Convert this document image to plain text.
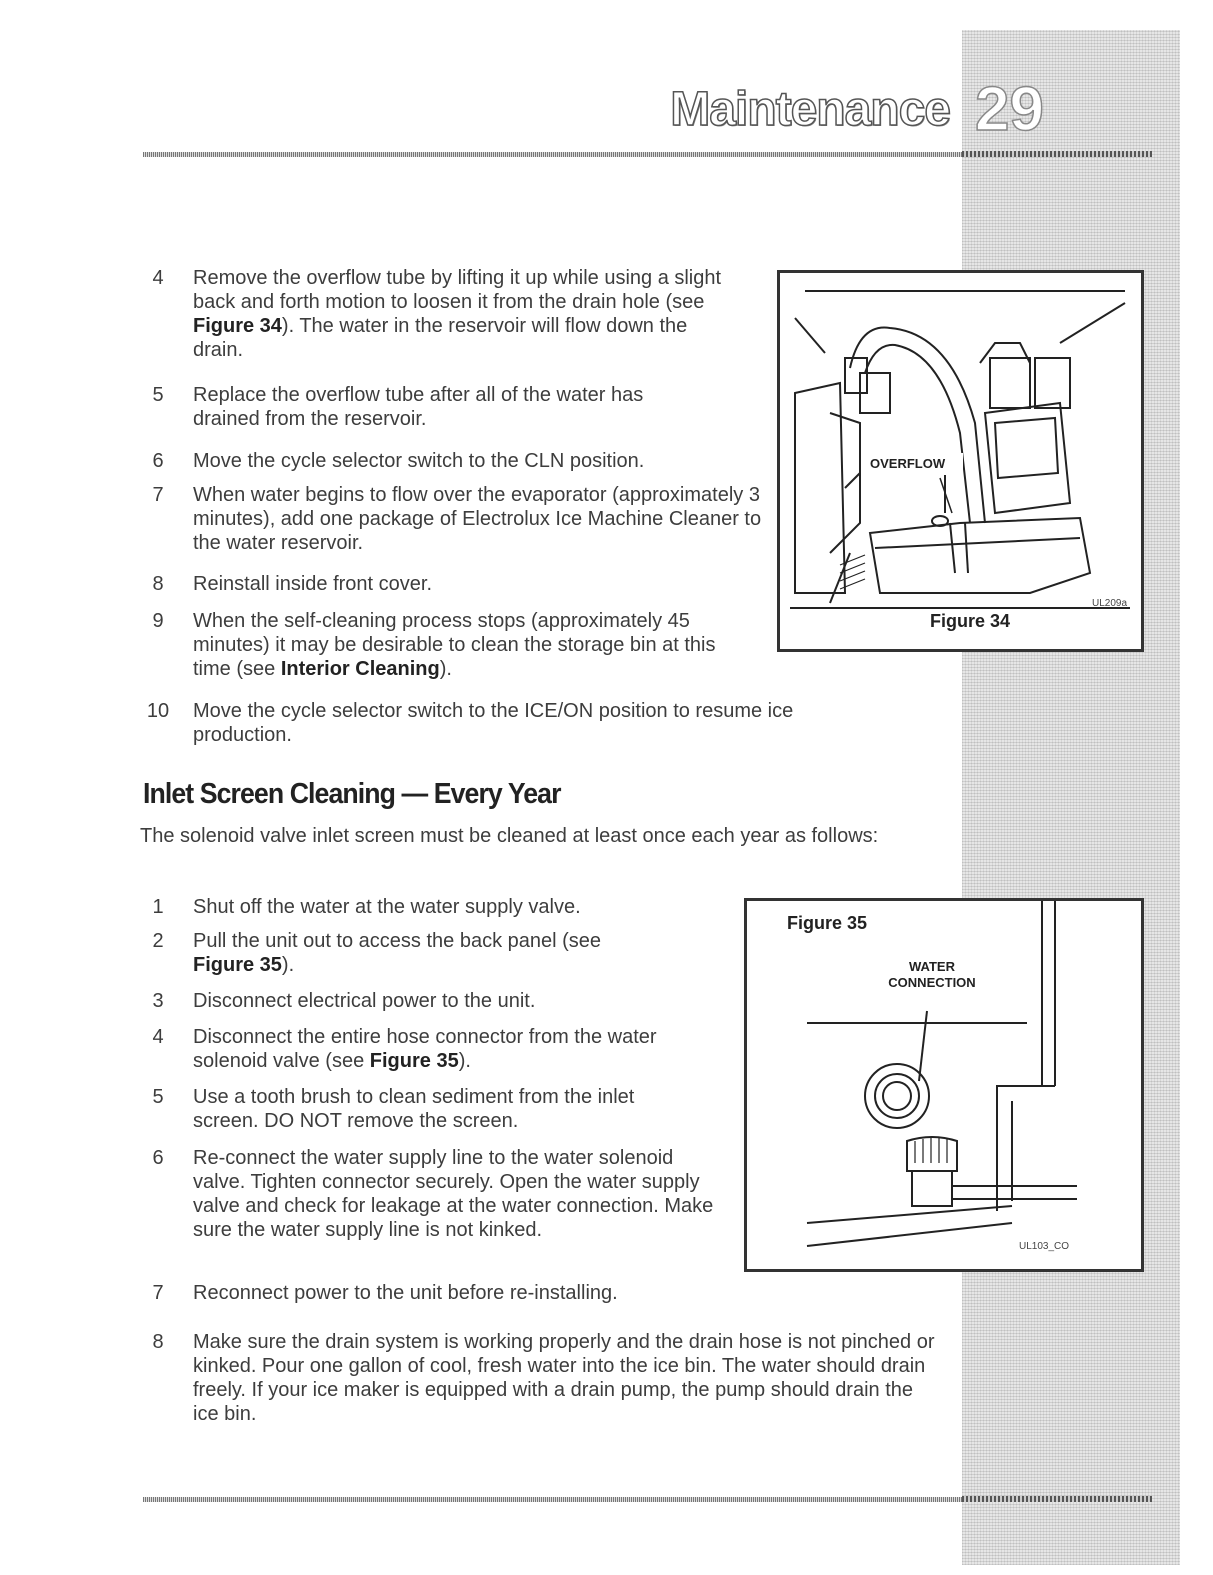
Maintenance 29
4	Remove the overflow tube by lifting it up while using a slight back and forth motion to loosen it from the drain hole (see Figure 34). The water in the reservoir will flow down the drain.
5	Replace the overflow tube after all of the water has drained from the reservoir.
6	Move the cycle selector switch to the CLN position.
7	When water begins to flow over the evaporator (approximately 3 minutes), add one package of Electrolux Ice Machine Cleaner to the water reservoir.
8	Reinstall inside front cover.
9	When the self-cleaning process stops (approximately 45 minutes) it may be desirable to clean the storage bin at this time (see Interior Cleaning).
10 Move the cycle selector switch to the ICE/ON position to resume ice production.
OVERFLOW
Figure 34
UL209a
Inlet Screen Cleaning — Every Year
The solenoid valve inlet screen must be cleaned at least once each year as follows:
1	Shut off the water at the water supply valve.
2	Pull the unit out to access the back panel (see Figure 35).
3	Disconnect electrical power to the unit.
4	Disconnect the entire hose connector from the water solenoid valve (see Figure 35).
5	Use a tooth brush to clean sediment from the inlet screen. DO NOT remove the screen.
6	Re-connect the water supply line to the water solenoid valve. Tighten connector securely. Open the water supply valve and check for leakage at the water connection. Make sure the water supply line is not kinked.
7	Reconnect power to the unit before re-installing.
8	Make sure the drain system is working properly and the drain hose is not pinched or kinked. Pour one gallon of cool, fresh water into the ice bin. The water should drain freely. If your ice maker is equipped with a drain pump, the pump should drain the ice bin.
Figure 35
WATER
CONNECTION
UL103_CO
